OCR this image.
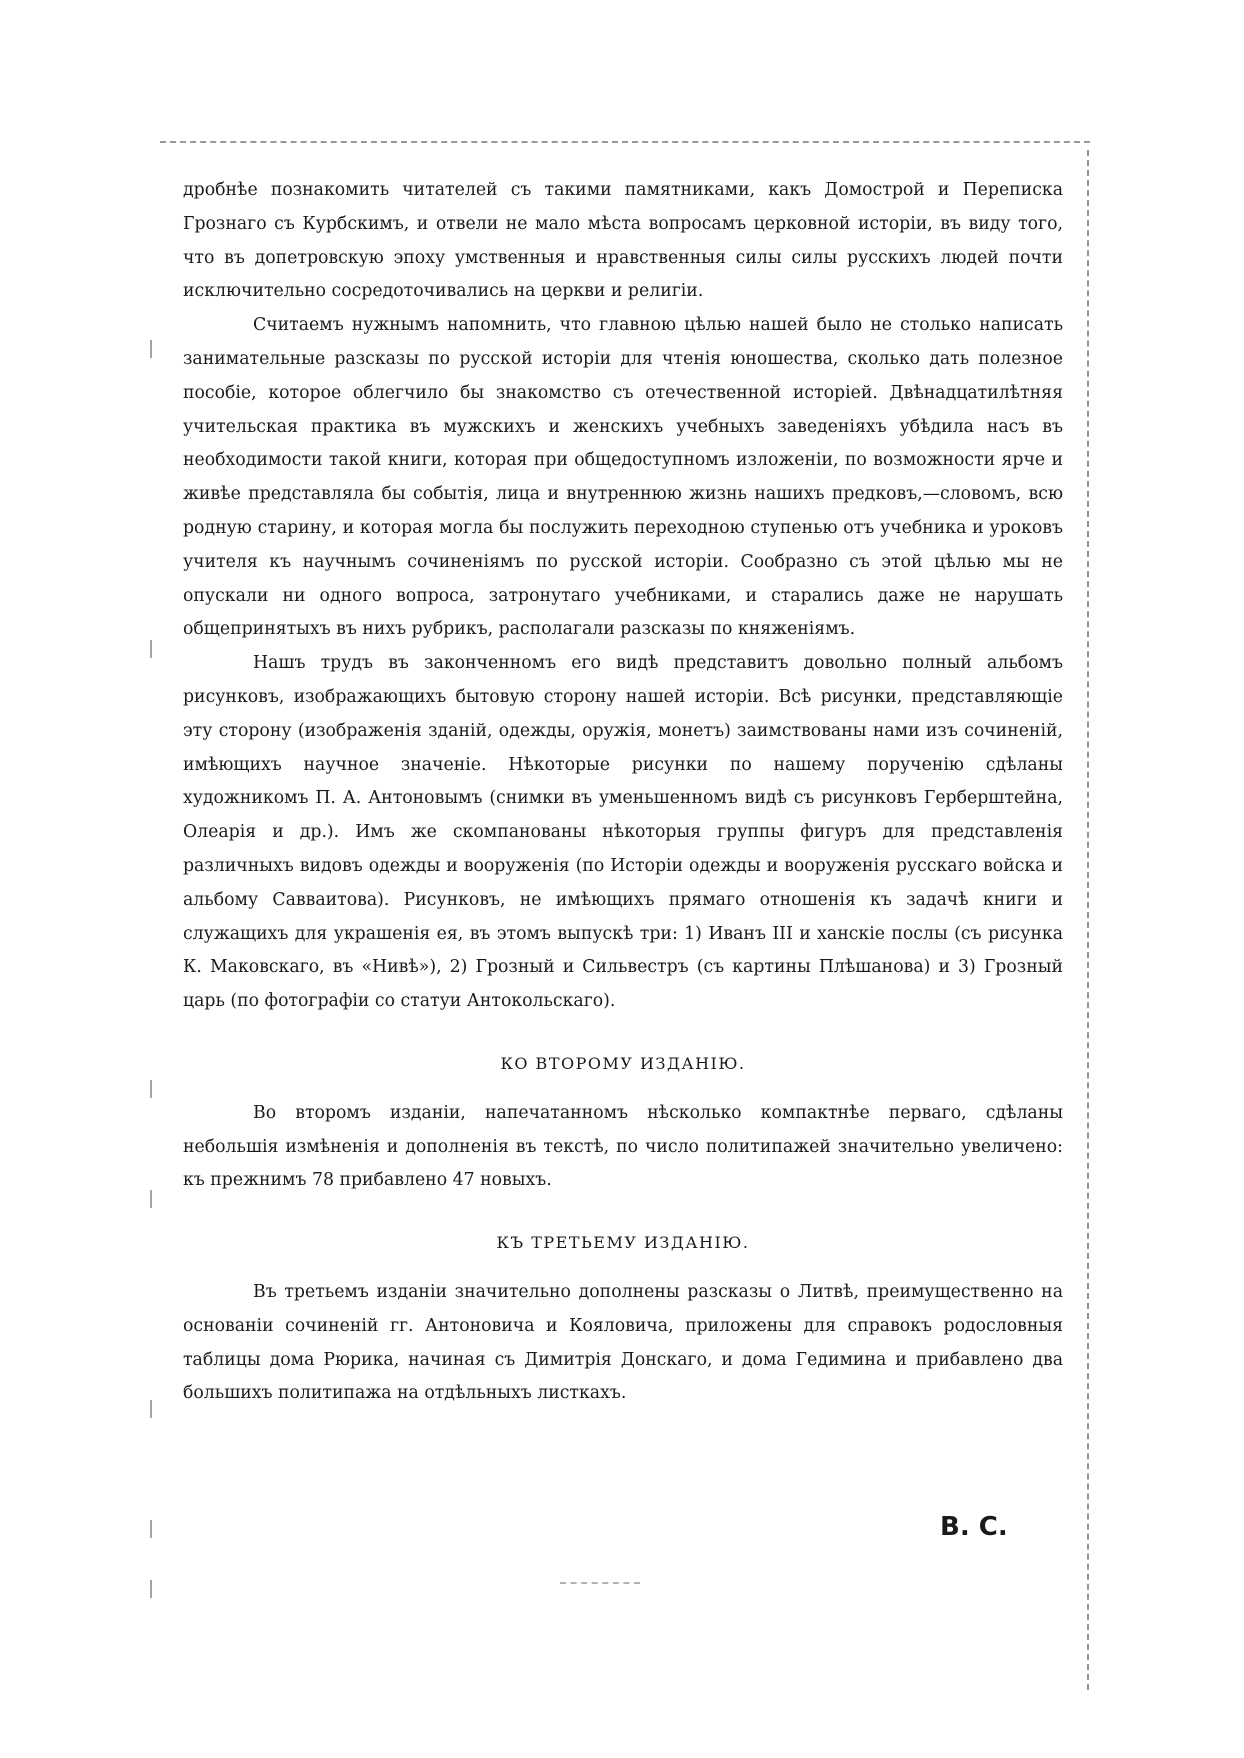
дробнѣе познакомить читателей съ такими памятниками, какъ Домострой и Переписка Грознаго съ Курбскимъ, и отвели не мало мѣста вопросамъ церковной исторіи, въ виду того, что въ допетровскую эпоху умственныя и нравственныя силы силы русскихъ людей почти исключительно сосредоточивались на церкви и религіи.

Считаемъ нужнымъ напомнить, что главною цѣлью нашей было не столько написать занимательные разсказы по русской исторіи для чтенія юношества, сколько дать полезное пособіе, которое облегчило бы знакомство съ отечественной исторіей. Двѣнадцатилѣтняя учительская практика въ мужскихъ и женскихъ учебныхъ заведеніяхъ убѣдила насъ въ необходимости такой книги, которая при общедоступномъ изложеніи, по возможности ярче и живѣе представляла бы событія, лица и внутреннюю жизнь нашихъ предковъ,—словомъ, всю родную старину, и которая могла бы послужить переходною ступенью отъ учебника и уроковъ учителя къ научнымъ сочиненіямъ по русской исторіи. Сообразно съ этой цѣлью мы не опускали ни одного вопроса, затронутаго учебниками, и старались даже не нарушать общепринятыхъ въ нихъ рубрикъ, располагали разсказы по княженіямъ.

Нашъ трудъ въ законченномъ его видѣ представитъ довольно полный альбомъ рисунковъ, изображающихъ бытовую сторону нашей исторіи. Всѣ рисунки, представляющіе эту сторону (изображенія зданій, одежды, оружія, монетъ) заимствованы нами изъ сочиненій, имѣющихъ научное значеніе. Нѣкоторые рисунки по нашему порученію сдѣланы художникомъ П. А. Антоновымъ (снимки въ уменьшенномъ видѣ съ рисунковъ Герберштейна, Олеарія и др.). Имъ же скомпанованы нѣкоторыя группы фигуръ для представленія различныхъ видовъ одежды и вооруженія (по Исторіи одежды и вооруженія русскаго войска и альбому Савваитова). Рисунковъ, не имѣющихъ прямаго отношенія къ задачѣ книги и служащихъ для украшенія ея, въ этомъ выпускѣ три: 1) Иванъ III и ханскіе послы (съ рисунка К. Маковскаго, въ «Нивѣ»), 2) Грозный и Сильвестръ (съ картины Плѣшанова) и 3) Грозный царь (по фотографіи со статуи Антокольскаго).

КО ВТОРОМУ ИЗДАНІЮ.

Во второмъ изданіи, напечатанномъ нѣсколько компактнѣе перваго, сдѣланы небольшія измѣненія и дополненія въ текстѣ, по число политипажей значительно увеличено: къ прежнимъ 78 прибавлено 47 новыхъ.

КЪ ТРЕТЬЕМУ ИЗДАНІЮ.

Въ третьемъ изданіи значительно дополнены разсказы о Литвѣ, преимущественно на основаніи сочиненій гг. Антоновича и Кояловича, приложены для справокъ родословныя таблицы дома Рюрика, начиная съ Димитрія Донскаго, и дома Гедимина и прибавлено два большихъ политипажа на отдѣльныхъ листкахъ.

В. С.
